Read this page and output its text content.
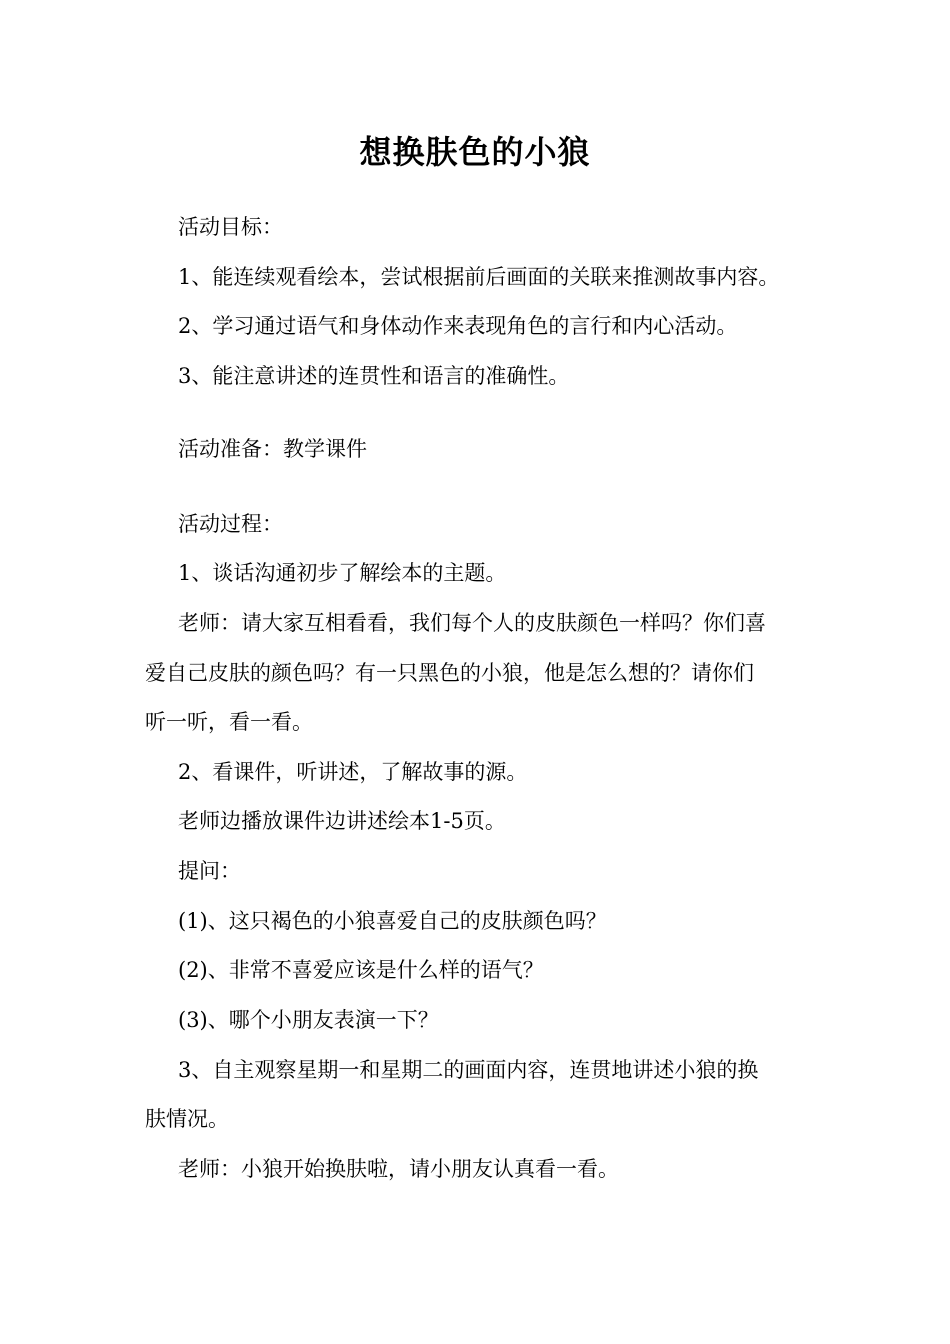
想换肤色的小狼
活动目标：
1、能连续观看绘本，尝试根据前后画面的关联来推测故事内容。
2、学习通过语气和身体动作来表现角色的言行和内心活动。
3、能注意讲述的连贯性和语言的准确性。
活动准备：教学课件
活动过程：
1、谈话沟通初步了解绘本的主题。
老师：请大家互相看看，我们每个人的皮肤颜色一样吗？你们喜
爱自己皮肤的颜色吗？有一只黑色的小狼，他是怎么想的？请你们
听一听，看一看。
2、看课件，听讲述，了解故事的源。
老师边播放课件边讲述绘本1-5页。
提问：
(1)、这只褐色的小狼喜爱自己的皮肤颜色吗？
(2)、非常不喜爱应该是什么样的语气？
(3)、哪个小朋友表演一下？
3、自主观察星期一和星期二的画面内容，连贯地讲述小狼的换
肤情况。
老师：小狼开始换肤啦，请小朋友认真看一看。
